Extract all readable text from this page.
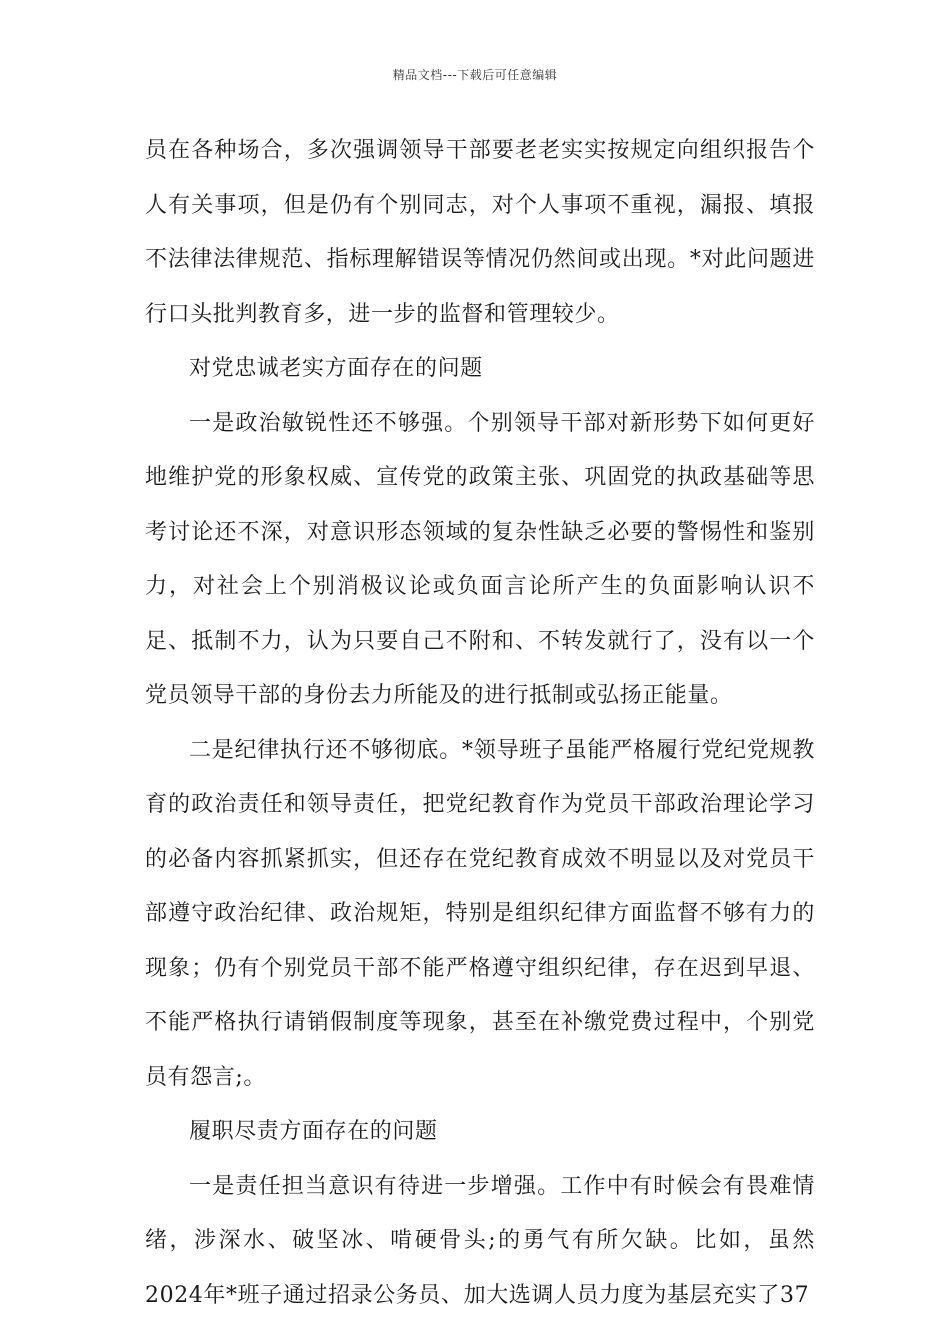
精品文档---下载后可任意编辑

员在各种场合，多次强调领导干部要老老实实按规定向组织报告个人有关事项，但是仍有个别同志，对个人事项不重视，漏报、填报不法律法律规范、指标理解错误等情况仍然间或出现。*对此问题进行口头批判教育多，进一步的监督和管理较少。

对党忠诚老实方面存在的问题

一是政治敏锐性还不够强。个别领导干部对新形势下如何更好地维护党的形象权威、宣传党的政策主张、巩固党的执政基础等思考讨论还不深，对意识形态领域的复杂性缺乏必要的警惕性和鉴别力，对社会上个别消极议论或负面言论所产生的负面影响认识不足、抵制不力，认为只要自己不附和、不转发就行了，没有以一个党员领导干部的身份去力所能及的进行抵制或弘扬正能量。

二是纪律执行还不够彻底。*领导班子虽能严格履行党纪党规教育的政治责任和领导责任，把党纪教育作为党员干部政治理论学习的必备内容抓紧抓实，但还存在党纪教育成效不明显以及对党员干部遵守政治纪律、政治规矩，特别是组织纪律方面监督不够有力的现象；仍有个别党员干部不能严格遵守组织纪律，存在迟到早退、不能严格执行请销假制度等现象，甚至在补缴党费过程中，个别党员有怨言;。

履职尽责方面存在的问题

一是责任担当意识有待进一步增强。工作中有时候会有畏难情绪，涉深水、破坚冰、啃硬骨头;的勇气有所欠缺。比如，虽然2024年*班子通过招录公务员、加大选调人员力度为基层充实了37
